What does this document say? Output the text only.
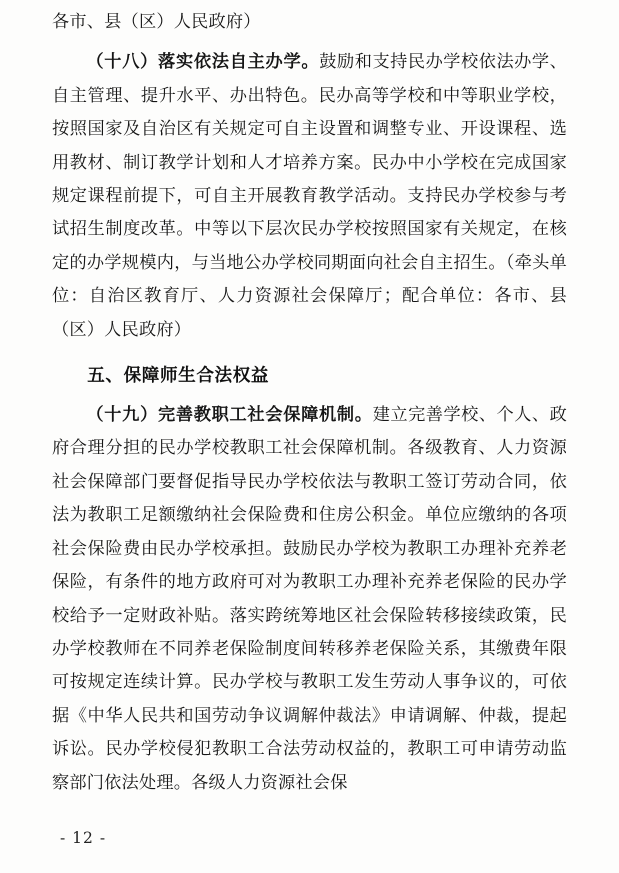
各市、县（区）人民政府）

（十八）落实依法自主办学。鼓励和支持民办学校依法办学、自主管理、提升水平、办出特色。民办高等学校和中等职业学校，按照国家及自治区有关规定可自主设置和调整专业、开设课程、选用教材、制订教学计划和人才培养方案。民办中小学校在完成国家规定课程前提下，可自主开展教育教学活动。支持民办学校参与考试招生制度改革。中等以下层次民办学校按照国家有关规定，在核定的办学规模内，与当地公办学校同期面向社会自主招生。（牵头单位：自治区教育厅、人力资源社会保障厅；配合单位：各市、县（区）人民政府）

五、保障师生合法权益

（十九）完善教职工社会保障机制。建立完善学校、个人、政府合理分担的民办学校教职工社会保障机制。各级教育、人力资源社会保障部门要督促指导民办学校依法与教职工签订劳动合同，依法为教职工足额缴纳社会保险费和住房公积金。单位应缴纳的各项社会保险费由民办学校承担。鼓励民办学校为教职工办理补充养老保险，有条件的地方政府可对为教职工办理补充养老保险的民办学校给予一定财政补贴。落实跨统筹地区社会保险转移接续政策，民办学校教师在不同养老保险制度间转移养老保险关系，其缴费年限可按规定连续计算。民办学校与教职工发生劳动人事争议的，可依据《中华人民共和国劳动争议调解仲裁法》申请调解、仲裁，提起诉讼。民办学校侵犯教职工合法劳动权益的，教职工可申请劳动监察部门依法处理。各级人力资源社会保

- 12 -
